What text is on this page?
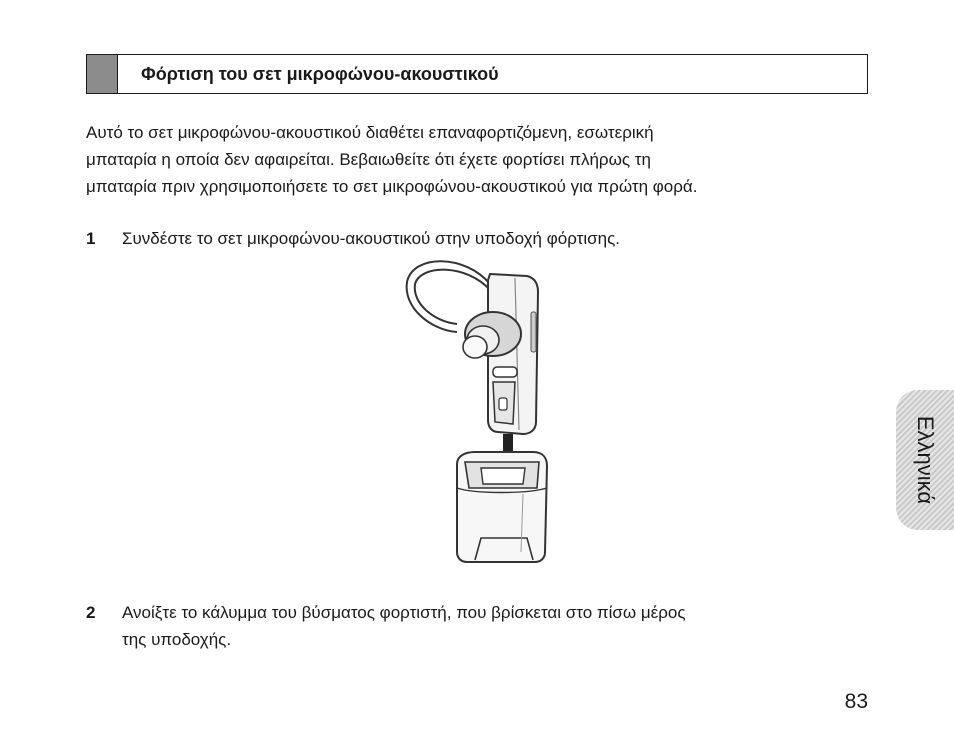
Φόρτιση του σετ μικροφώνου-ακουστικού
Αυτό το σετ μικροφώνου-ακουστικού διαθέτει επαναφορτιζόμενη, εσωτερική
μπαταρία η οποία δεν αφαιρείται. Βεβαιωθείτε ότι έχετε φορτίσει πλήρως τη
μπαταρία πριν χρησιμοποιήσετε το σετ μικροφώνου-ακουστικού για πρώτη φορά.
1	Συνδέστε το σετ μικροφώνου-ακουστικού στην υποδοχή φόρτισης.
2	Ανοίξτε το κάλυμμα του βύσματος φορτιστή, που βρίσκεται στο πίσω μέρος
της υποδοχής.
Ελληνικά
83
